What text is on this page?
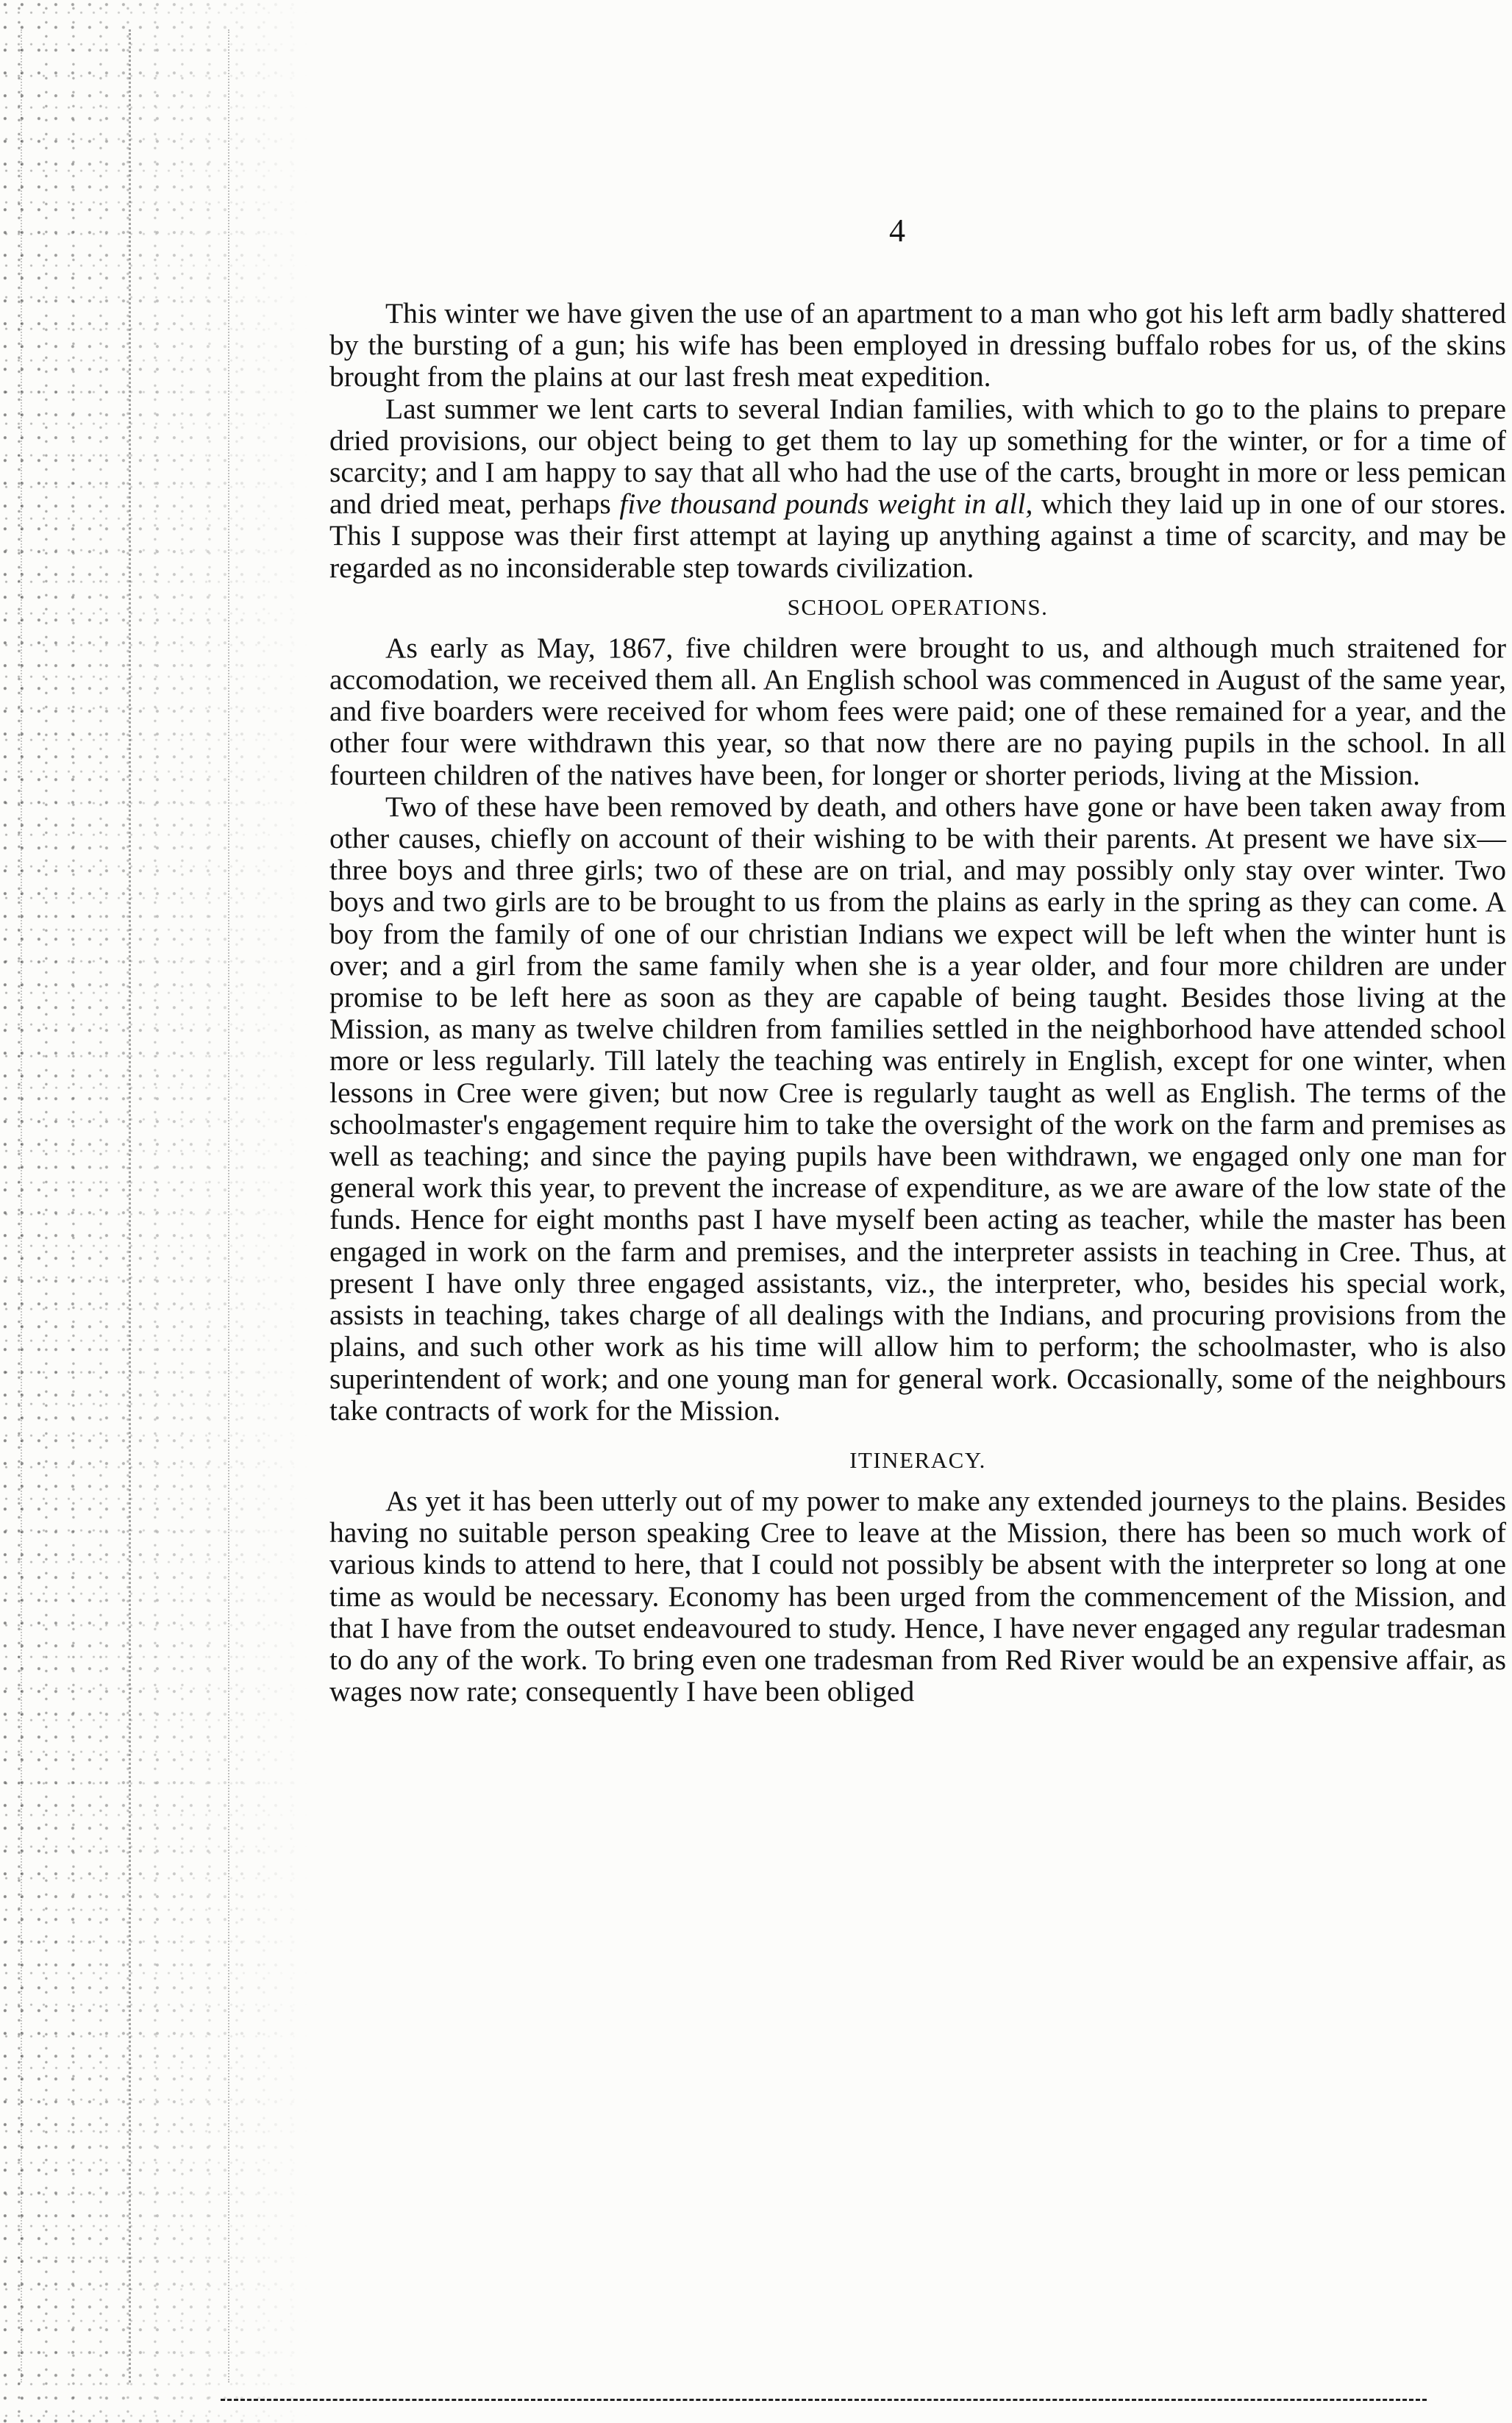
4

This winter we have given the use of an apartment to a man who got his left arm badly shattered by the bursting of a gun; his wife has been employed in dressing buffalo robes for us, of the skins brought from the plains at our last fresh meat expedition.

Last summer we lent carts to several Indian families, with which to go to the plains to prepare dried provisions, our object being to get them to lay up something for the winter, or for a time of scarcity; and I am happy to say that all who had the use of the carts, brought in more or less pemican and dried meat, perhaps five thousand pounds weight in all, which they laid up in one of our stores. This I suppose was their first attempt at laying up anything against a time of scarcity, and may be regarded as no inconsiderable step towards civilization.

SCHOOL OPERATIONS.

As early as May, 1867, five children were brought to us, and although much straitened for accomodation, we received them all. An English school was commenced in August of the same year, and five boarders were received for whom fees were paid; one of these remained for a year, and the other four were withdrawn this year, so that now there are no paying pupils in the school. In all fourteen children of the natives have been, for longer or shorter periods, living at the Mission.

Two of these have been removed by death, and others have gone or have been taken away from other causes, chiefly on account of their wishing to be with their parents. At present we have six—three boys and three girls; two of these are on trial, and may possibly only stay over winter. Two boys and two girls are to be brought to us from the plains as early in the spring as they can come. A boy from the family of one of our christian Indians we expect will be left when the winter hunt is over; and a girl from the same family when she is a year older, and four more children are under promise to be left here as soon as they are capable of being taught. Besides those living at the Mission, as many as twelve children from families settled in the neighborhood have attended school more or less regularly. Till lately the teaching was entirely in English, except for one winter, when lessons in Cree were given; but now Cree is regularly taught as well as English. The terms of the schoolmaster's engagement require him to take the oversight of the work on the farm and premises as well as teaching; and since the paying pupils have been withdrawn, we engaged only one man for general work this year, to prevent the increase of expenditure, as we are aware of the low state of the funds. Hence for eight months past I have myself been acting as teacher, while the master has been engaged in work on the farm and premises, and the interpreter assists in teaching in Cree. Thus, at present I have only three engaged assistants, viz., the interpreter, who, besides his special work, assists in teaching, takes charge of all dealings with the Indians, and procuring provisions from the plains, and such other work as his time will allow him to perform; the schoolmaster, who is also superintendent of work; and one young man for general work. Occasionally, some of the neighbours take contracts of work for the Mission.

ITINERACY.

As yet it has been utterly out of my power to make any extended journeys to the plains. Besides having no suitable person speaking Cree to leave at the Mission, there has been so much work of various kinds to attend to here, that I could not possibly be absent with the interpreter so long at one time as would be necessary. Economy has been urged from the commencement of the Mission, and that I have from the outset endeavoured to study. Hence, I have never engaged any regular tradesman to do any of the work. To bring even one tradesman from Red River would be an expensive affair, as wages now rate; consequently I have been obliged
